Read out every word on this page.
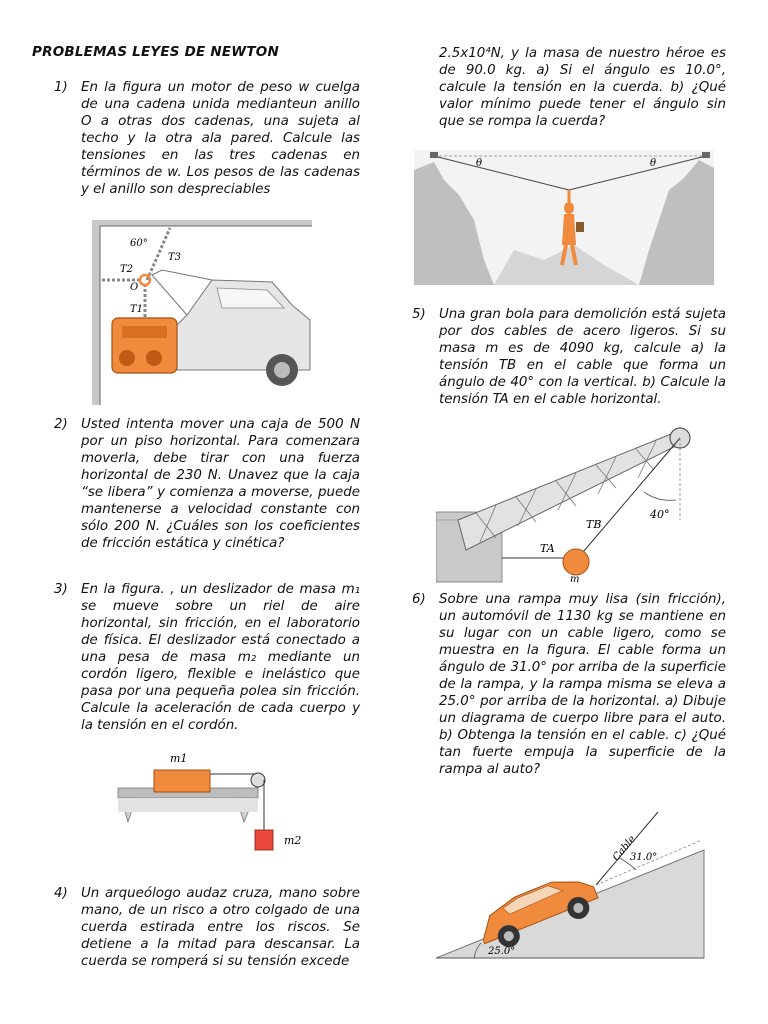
PROBLEMAS LEYES DE NEWTON
1) En la figura un motor de peso w cuelga de una cadena unida medianteun anillo O a otras dos cadenas, una sujeta al techo y la otra ala pared. Calcule las tensiones en las tres cadenas en términos de w. Los pesos de las cadenas y el anillo son despreciables
60°
T3
T2
O
T1
2) Usted intenta mover una caja de 500 N por un piso horizontal. Para comenzara moverla, debe tirar con una fuerza horizontal de 230 N. Unavez que la caja “se libera” y comienza a moverse, puede mantenerse a velocidad constante con sólo 200 N. ¿Cuáles son los coeficientes de fricción estática y cinética?
3) En la figura. , un deslizador de masa m₁ se mueve sobre un riel de aire horizontal, sin fricción, en el laboratorio de física. El deslizador está conectado a una pesa de masa m₂ mediante un cordón ligero, flexible e inelástico que pasa por una pequeña polea sin fricción. Calcule la aceleración de cada cuerpo y la tensión en el cordón.
m1
m2
4) Un arqueólogo audaz cruza, mano sobre mano, de un risco a otro colgado de una cuerda estirada entre los riscos. Se detiene a la mitad para descansar. La cuerda se romperá si su tensión excede
2.5x10⁴N, y la masa de nuestro héroe es de 90.0 kg. a) Si el ángulo es 10.0°, calcule la tensión en la cuerda. b) ¿Qué valor mínimo puede tener el ángulo sin que se rompa la cuerda?
θ	θ
5) Una gran bola para demolición está sujeta por dos cables de acero ligeros. Si su masa m es de 4090 kg, calcule a) la tensión TB en el cable que forma un ángulo de 40° con la vertical. b) Calcule la tensión TA en el cable horizontal.
40°
TB
TA
m
6) Sobre una rampa muy lisa (sin fricción), un automóvil de 1130 kg se mantiene en su lugar con un cable ligero, como se muestra en la figura. El cable forma un ángulo de 31.0° por arriba de la superficie de la rampa, y la rampa misma se eleva a 25.0° por arriba de la horizontal. a) Dibuje un diagrama de cuerpo libre para el auto. b) Obtenga la tensión en el cable. c) ¿Qué tan fuerte empuja la superficie de la rampa al auto?
Cable
31.0°
25.0°
